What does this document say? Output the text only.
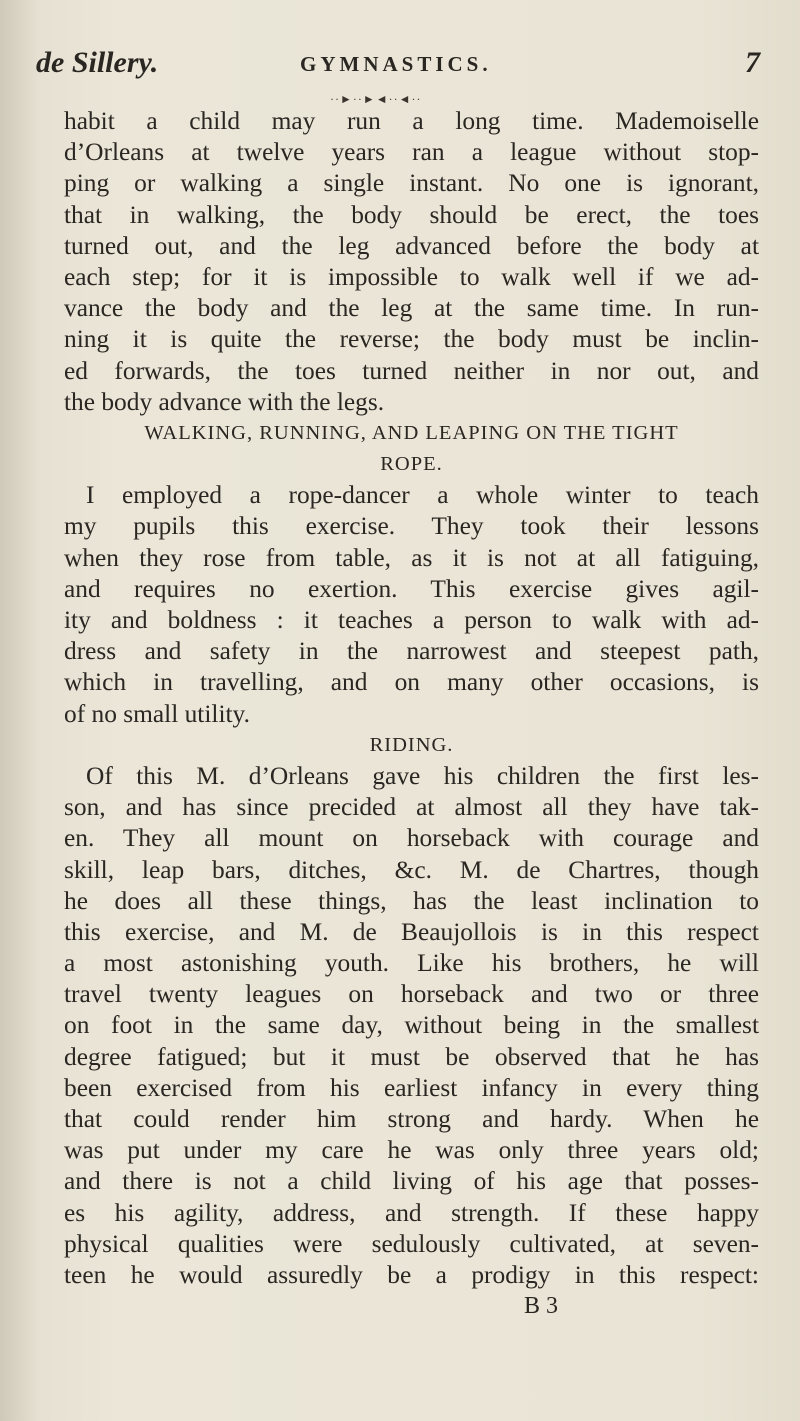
de Sillery.	GYMNASTICS.	7
··►··►◄··◄··
habit a child may run a long time. Mademoiselle
d’Orleans at twelve years ran a league without stop-
ping or walking a single instant. No one is ignorant,
that in walking, the body should be erect, the toes
turned out, and the leg advanced before the body at
each step; for it is impossible to walk well if we ad-
vance the body and the leg at the same time. In run-
ning it is quite the reverse; the body must be inclin-
ed forwards, the toes turned neither in nor out, and
the body advance with the legs.
WALKING, RUNNING, AND LEAPING ON THE TIGHT
ROPE.
I employed a rope-dancer a whole winter to teach
my pupils this exercise. They took their lessons
when they rose from table, as it is not at all fatiguing,
and requires no exertion. This exercise gives agil-
ity and boldness : it teaches a person to walk with ad-
dress and safety in the narrowest and steepest path,
which in travelling, and on many other occasions, is
of no small utility.
RIDING.
Of this M. d’Orleans gave his children the first les-
son, and has since precided at almost all they have tak-
en. They all mount on horseback with courage and
skill, leap bars, ditches, &c. M. de Chartres, though
he does all these things, has the least inclination to
this exercise, and M. de Beaujollois is in this respect
a most astonishing youth. Like his brothers, he will
travel twenty leagues on horseback and two or three
on foot in the same day, without being in the smallest
degree fatigued; but it must be observed that he has
been exercised from his earliest infancy in every thing
that could render him strong and hardy. When he
was put under my care he was only three years old;
and there is not a child living of his age that posses-
es his agility, address, and strength. If these happy
physical qualities were sedulously cultivated, at seven-
teen he would assuredly be a prodigy in this respect:
B 3
